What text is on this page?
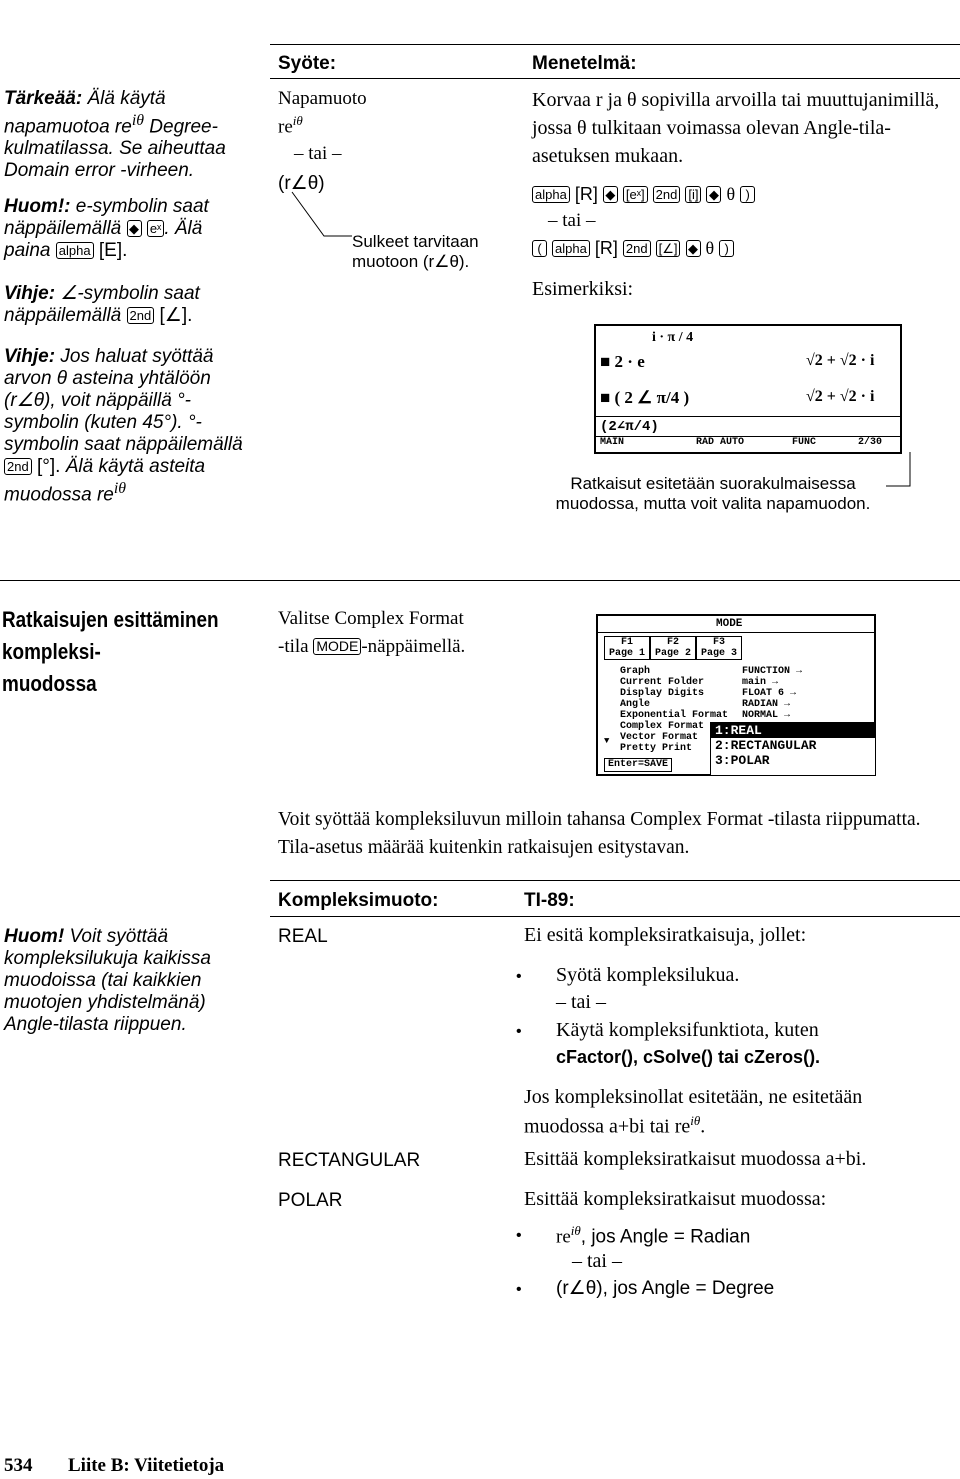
Tärkeää: Älä käytä napamuotoa $re^{i\theta}$ Degree-kulmatilassa. Se aiheuttaa Domain error -virheen.
Huom!: e-symbolin saat näppäilemällä ◆ eˣ . Älä paina alpha [E].
Vihje: ∠-symbolin saat näppäilemällä 2nd [∠].
Vihje: Jos haluat syöttää arvon θ asteina yhtälöön (r∠θ), voit näppäillä °-symbolin (kuten 45°). °-symbolin saat näppäilemällä 2nd [°]. Älä käytä asteita muodossa $re^{i\theta}$
Huom! Voit syöttää kompleksilukuja kaikissa muodoissa (tai kaikkien muotojen yhdistelmänä) Angle-tilasta riippuen.
Syöte:	Menetelmä:
Napamuoto
$re^{i\theta}$
– tai –
(r∠θ)
Sulkeet tarvitaan muotoon (r∠θ).
Korvaa r ja θ sopivilla arvoilla tai muuttujanimillä, jossa θ tulkitaan voimassa olevan Angle-tila-asetuksen mukaan.
alpha [R] ◆ [eˣ] 2nd [i] ◆ θ )
– tai –
( alpha [R] 2nd [∠] ◆ θ )
Esimerkiksi:
i · π / 4
■ 2 · e	√2 + √2 · i
■ ( 2 ∠ π/4 )	√2 + √2 · i
(2∠π/4)
MAIN	RAD AUTO	FUNC	2/30
Ratkaisut esitetään suorakulmaisessa muodossa, mutta voit valita napamuodon.
Ratkaisujen esittäminen
kompleksi-
muodossa
Valitse Complex Format
-tila MODE -näppäimellä.
MODE
F1 Page 1
F2 Page 2
F3 Page 3
Graph	FUNCTION →
Current Folder	main →
Display Digits	FLOAT 6 →
Angle	RADIAN →
Exponential Format	NORMAL →
Complex Format
Vector Format
Pretty Print
▼
1:REAL
2:RECTANGULAR
3:POLAR
Enter=SAVE
Voit syöttää kompleksiluvun milloin tahansa Complex Format -tilasta riippumatta. Tila-asetus määrää kuitenkin ratkaisujen esitystavan.
Kompleksimuoto:	TI-89:
REAL	Ei esitä kompleksiratkaisuja, jollet:
• Syötä kompleksilukua.
– tai –
• Käytä kompleksifunktiota, kuten
cFactor(), cSolve() tai cZeros().
Jos kompleksinollat esitetään, ne esitetään
muodossa a+bi tai $re^{i\theta}$.
RECTANGULAR	Esittää kompleksiratkaisut muodossa a+bi.
POLAR	Esittää kompleksiratkaisut muodossa:
• $re^{i\theta}$, jos Angle = Radian
– tai –
• (r∠θ), jos Angle = Degree
534 Liite B: Viitetietoja
